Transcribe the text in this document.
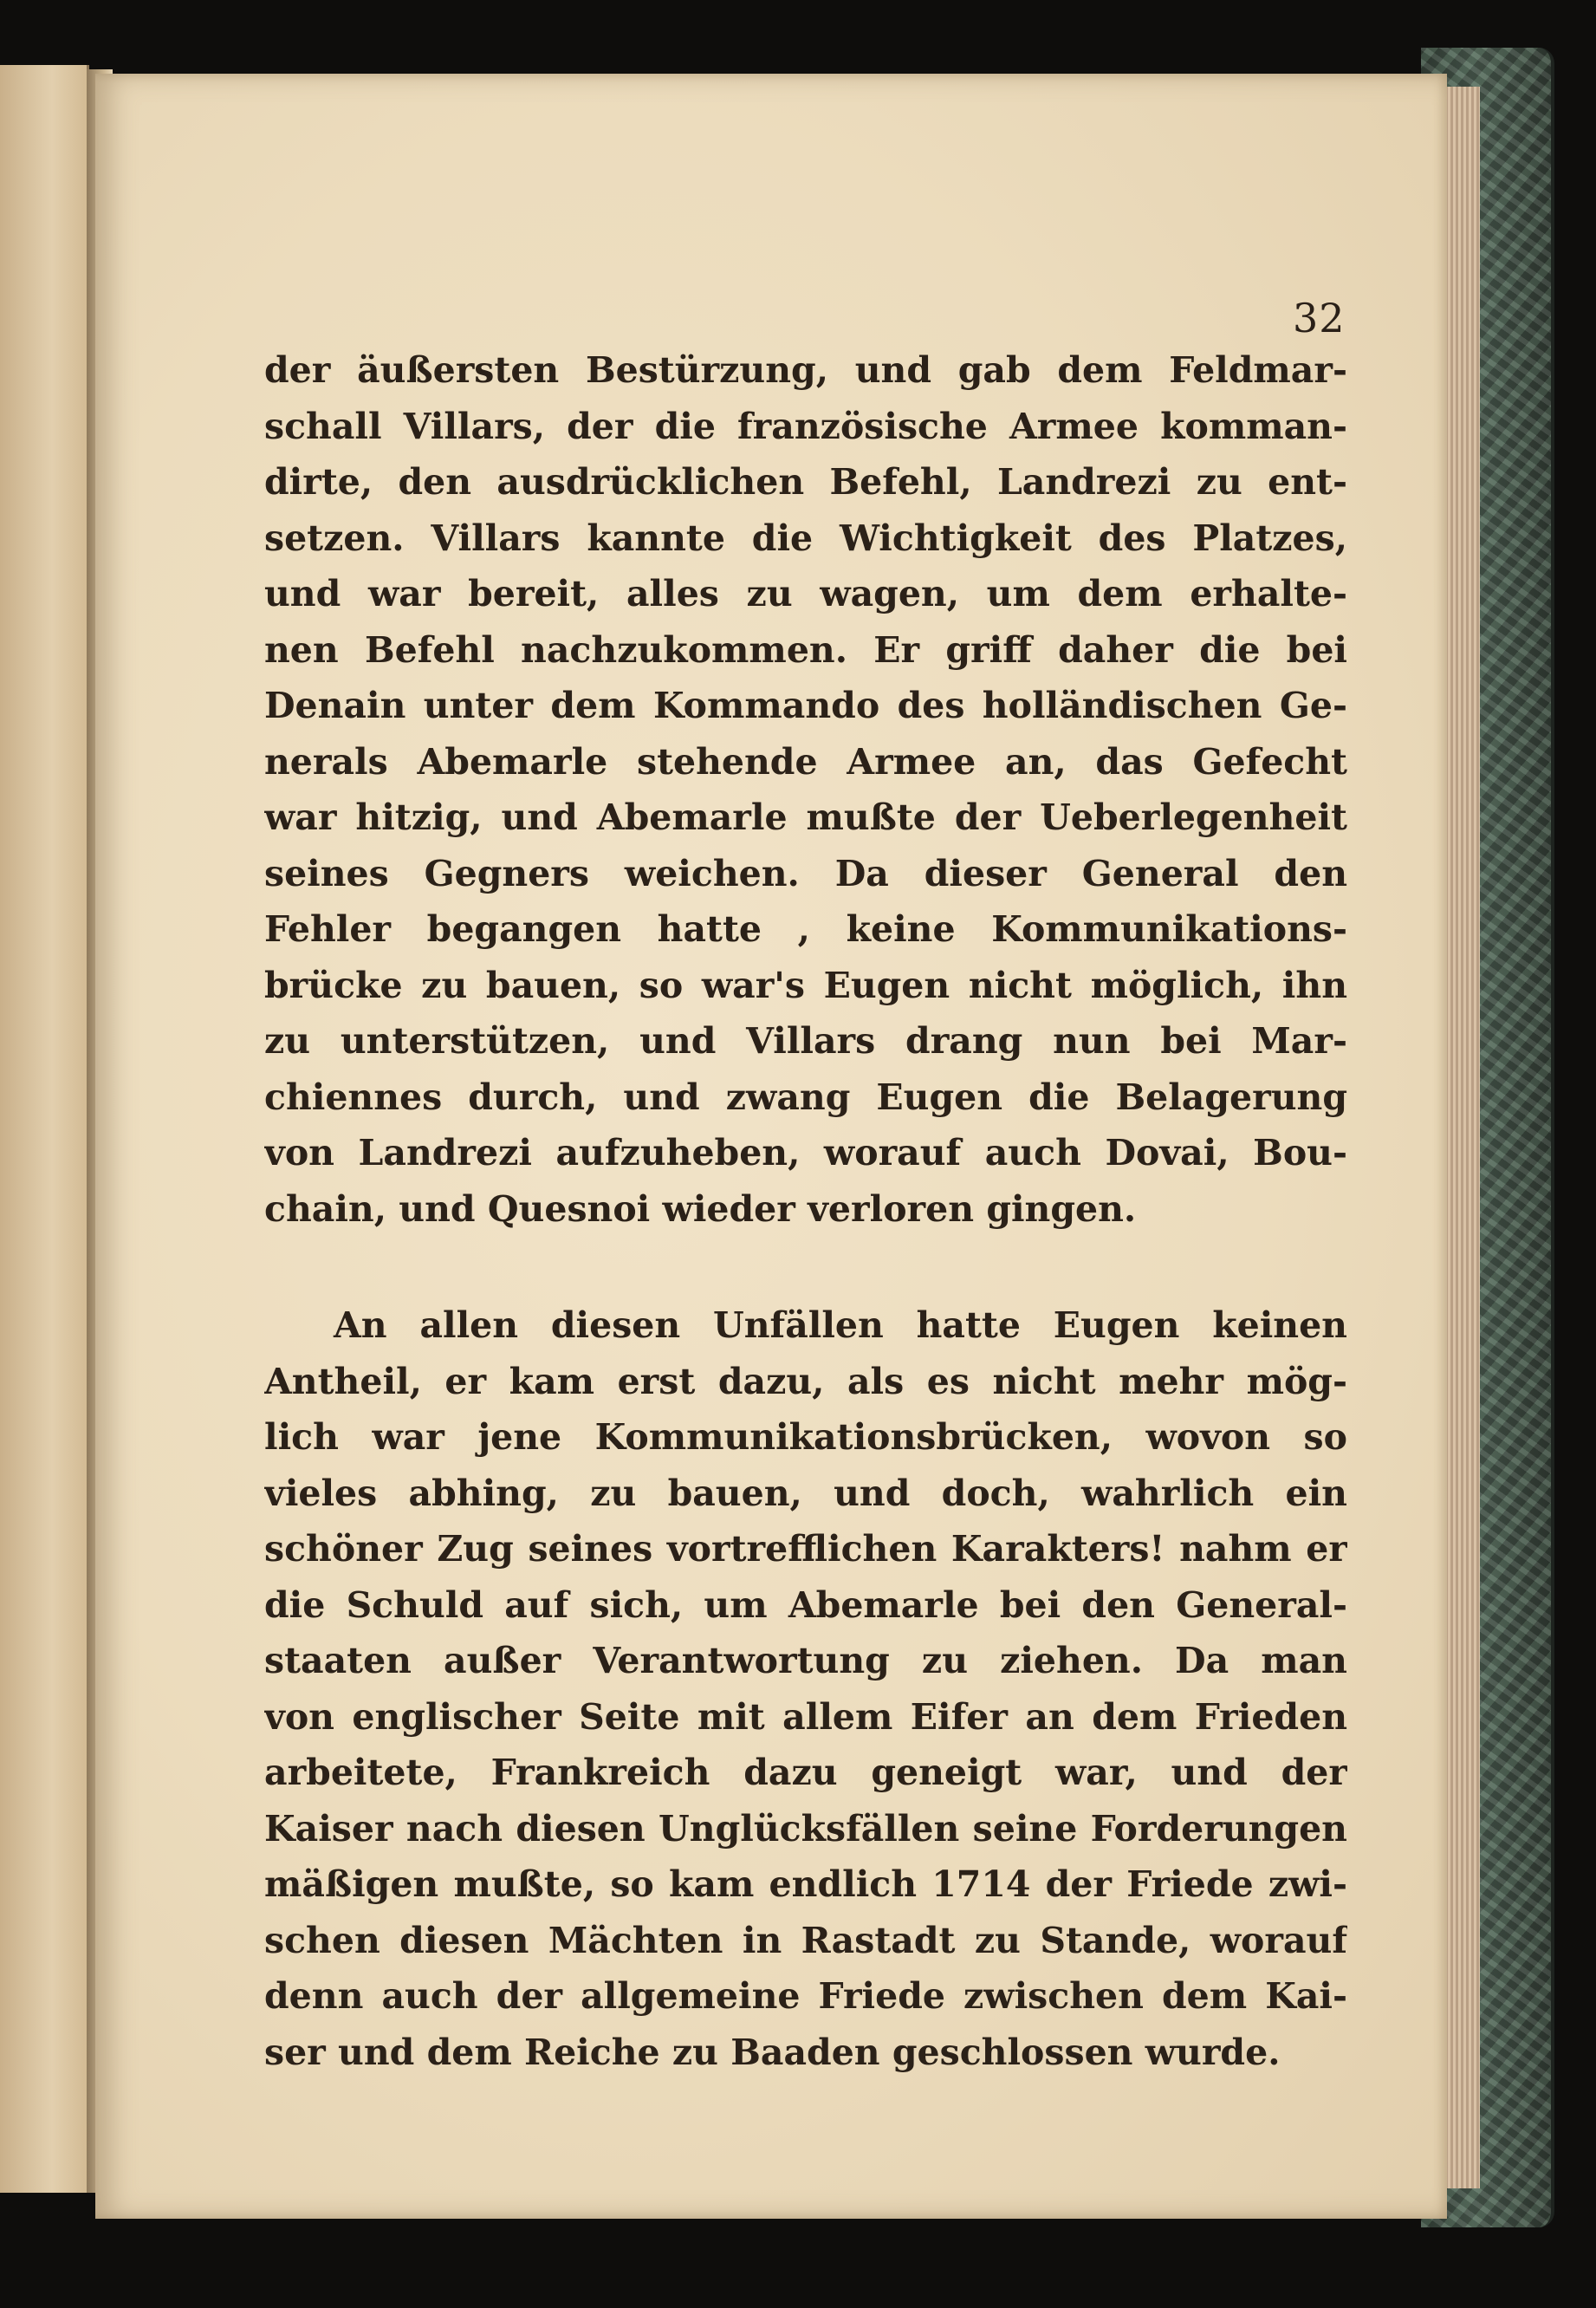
32
der äußersten Bestürzung, und gab dem Feldmar-
schall Villars, der die französische Armee komman-
dirte, den ausdrücklichen Befehl, Landrezi zu ent-
setzen. Villars kannte die Wichtigkeit des Platzes,
und war bereit, alles zu wagen, um dem erhalte-
nen Befehl nachzukommen. Er griff daher die bei
Denain unter dem Kommando des holländischen Ge-
nerals Abemarle stehende Armee an, das Gefecht
war hitzig, und Abemarle mußte der Ueberlegenheit
seines Gegners weichen. Da dieser General den
Fehler begangen hatte , keine Kommunikations-
brücke zu bauen, so war's Eugen nicht möglich, ihn
zu unterstützen, und Villars drang nun bei Mar-
chiennes durch, und zwang Eugen die Belagerung
von Landrezi aufzuheben, worauf auch Dovai, Bou-
chain, und Quesnoi wieder verloren gingen.
An allen diesen Unfällen hatte Eugen keinen
Antheil, er kam erst dazu, als es nicht mehr mög-
lich war jene Kommunikationsbrücken, wovon so
vieles abhing, zu bauen, und doch, wahrlich ein
schöner Zug seines vortrefflichen Karakters! nahm er
die Schuld auf sich, um Abemarle bei den General-
staaten außer Verantwortung zu ziehen. Da man
von englischer Seite mit allem Eifer an dem Frieden
arbeitete, Frankreich dazu geneigt war, und der
Kaiser nach diesen Unglücksfällen seine Forderungen
mäßigen mußte, so kam endlich 1714 der Friede zwi-
schen diesen Mächten in Rastadt zu Stande, worauf
denn auch der allgemeine Friede zwischen dem Kai-
ser und dem Reiche zu Baaden geschlossen wurde.
